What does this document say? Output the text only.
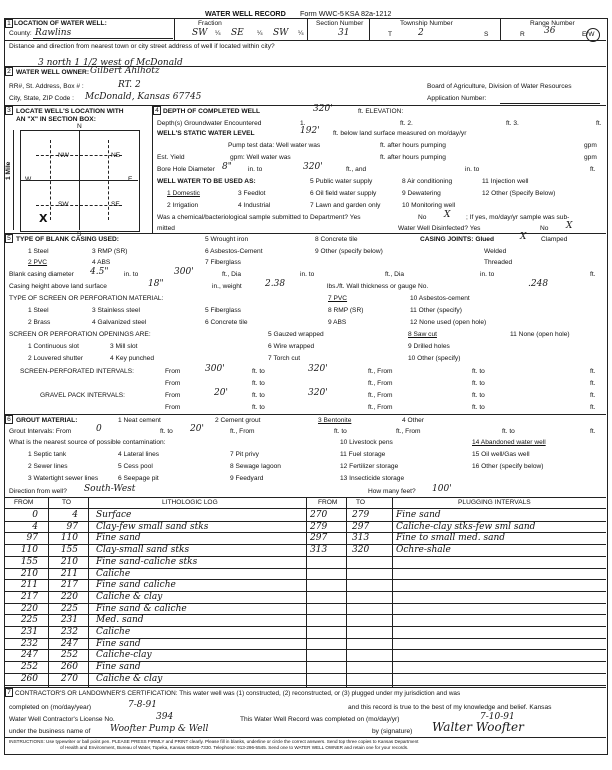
WATER WELL RECORD Form WWC-5 KSA 82a-1212
1 LOCATION OF WATER WELL:
County: Rawlins
Fraction
SW ¼ SE ¼ SW ¼
Section Number
31
Township Number
T	2	S
Range Number
R 36	E/W
Distance and direction from nearest town or city street address of well if located within city?
3 north 1 1/2 west of McDonald
2 WATER WELL OWNER: Gilbert Ahlhotz
RR#, St. Address, Box # :	RT. 2	Board of Agriculture, Division of Water Resources
City, State, ZIP Code : McDonald, Kansas 67745	Application Number:
3 LOCATE WELL'S LOCATION WITH
AN "X" IN SECTION BOX:
N
S
W	E
1 Mile
NW	NE
SW	SE
X
4 DEPTH OF COMPLETED WELL	320'	ft. ELEVATION:
Depth(s) Groundwater Encountered	1.	ft. 2.	ft. 3.	ft.
WELL'S STATIC WATER LEVEL	192' ft. below land surface measured on mo/day/yr
Pump test data: Well water was	ft. after hours pumping	gpm
Est. Yield	gpm: Well water was	ft. after hours pumping	gpm
Bore Hole Diameter 8" in. to	320'	ft., and	in. to	ft.
WELL WATER TO BE USED AS:
1 Domestic
2 Irrigation
3 Feedlot
4 Industrial
5 Public water supply
6 Oil field water supply
7 Lawn and garden only
8 Air conditioning
9 Dewatering
10 Monitoring well
11 Injection well
12 Other (Specify Below)
Was a chemical/bacteriological sample submitted to Department? Yes	No X ; If yes, mo/day/yr sample was sub-
mitted	Water Well Disinfected? Yes	No X
5 TYPE OF BLANK CASING USED:
1 Steel
2 PVC
3 RMP (SR)
4 ABS
5 Wrought iron
6 Asbestos-Cement
7 Fiberglass
8 Concrete tile
9 Other (specify below)
CASING JOINTS: Glued	X Clamped
Welded
Threaded
Blank casing diameter 4.5" in. to	300'	ft., Dia	in. to	ft., Dia	in. to	ft.
Casing height above land surface	18"	in., weight	2.38	lbs./ft. Wall thickness or gauge No.	.248
TYPE OF SCREEN OR PERFORATION MATERIAL:
1 Steel
2 Brass
3 Stainless steel
4 Galvanized steel
5 Fiberglass
6 Concrete tile
7 PVC
8 RMP (SR)
9 ABS
10 Asbestos-cement
11 Other (specify)
12 None used (open hole)
SCREEN OR PERFORATION OPENINGS ARE:
1 Continuous slot
2 Louvered shutter
3 Mill slot
4 Key punched
5 Gauzed wrapped
6 Wire wrapped
7 Torch cut
8 Saw cut
9 Drilled holes
10 Other (specify)
11 None (open hole)
SCREEN-PERFORATED INTERVALS:	From	300'	ft. to	320'	ft., From	ft. to	ft.
From	ft. to	ft., From	ft. to	ft.
GRAVEL PACK INTERVALS:	From	20'	ft. to	320'	ft., From	ft. to	ft.
From	ft. to	ft., From	ft. to	ft.
6 GROUT MATERIAL:	1 Neat cement	2 Cement grout	3 Bentonite	4 Other
Grout Intervals: From	0	ft. to 20'	ft., From	ft. to	ft., From	ft. to	ft.
What is the nearest source of possible contamination:
1 Septic tank
2 Sewer lines
3 Watertight sewer lines
4 Lateral lines
5 Cess pool
6 Seepage pit
7 Pit privy
8 Sewage lagoon
9 Feedyard
10 Livestock pens
11 Fuel storage
12 Fertilizer storage
13 Insecticide storage
14 Abandoned water well
15 Oil well/Gas well
16 Other (specify below)
Direction from well? South-West	How many feet? 100'
FROM	TO	LITHOLOGIC LOG	FROM	TO	PLUGGING INTERVALS
0	4 Surface
4	97 Clay-few small sand stks
97	110 Fine sand
110	155 Clay-small sand stks
155	210 Fine sand-caliche stks
210	211 Caliche
211	217 Fine sand caliche
217	220 Caliche & clay
220	225 Fine sand & caliche
225	231 Med. sand
231	232 Caliche
232	247 Fine sand
247	252 Caliche-clay
252	260 Fine sand
260	270 Caliche & clay
270	279	Fine sand
279	297	Caliche-clay stks-few sml sand
297	313	Fine to small med. sand
313	320	Ochre-shale
7 CONTRACTOR'S OR LANDOWNER'S CERTIFICATION: This water well was (1) constructed, (2) reconstructed, or (3) plugged under my jurisdiction and was
completed on (mo/day/year)	7-8-91	and this record is true to the best of my knowledge and belief. Kansas
Water Well Contractor's License No.	394	This Water Well Record was completed on (mo/day/yr)	7-10-91
under the business name of Woofter Pump & Well	by (signature) Walter Woofter
INSTRUCTIONS: Use typewriter or ball point pen. PLEASE PRESS FIRMLY and PRINT clearly. Please fill in blanks, underline or circle the correct answers. Send top three copies to Kansas Department
of Health and Environment, Bureau of Water, Topeka, Kansas 66620-7330. Telephone: 913-296-5545. Send one to WATER WELL OWNER and retain one for your records.
